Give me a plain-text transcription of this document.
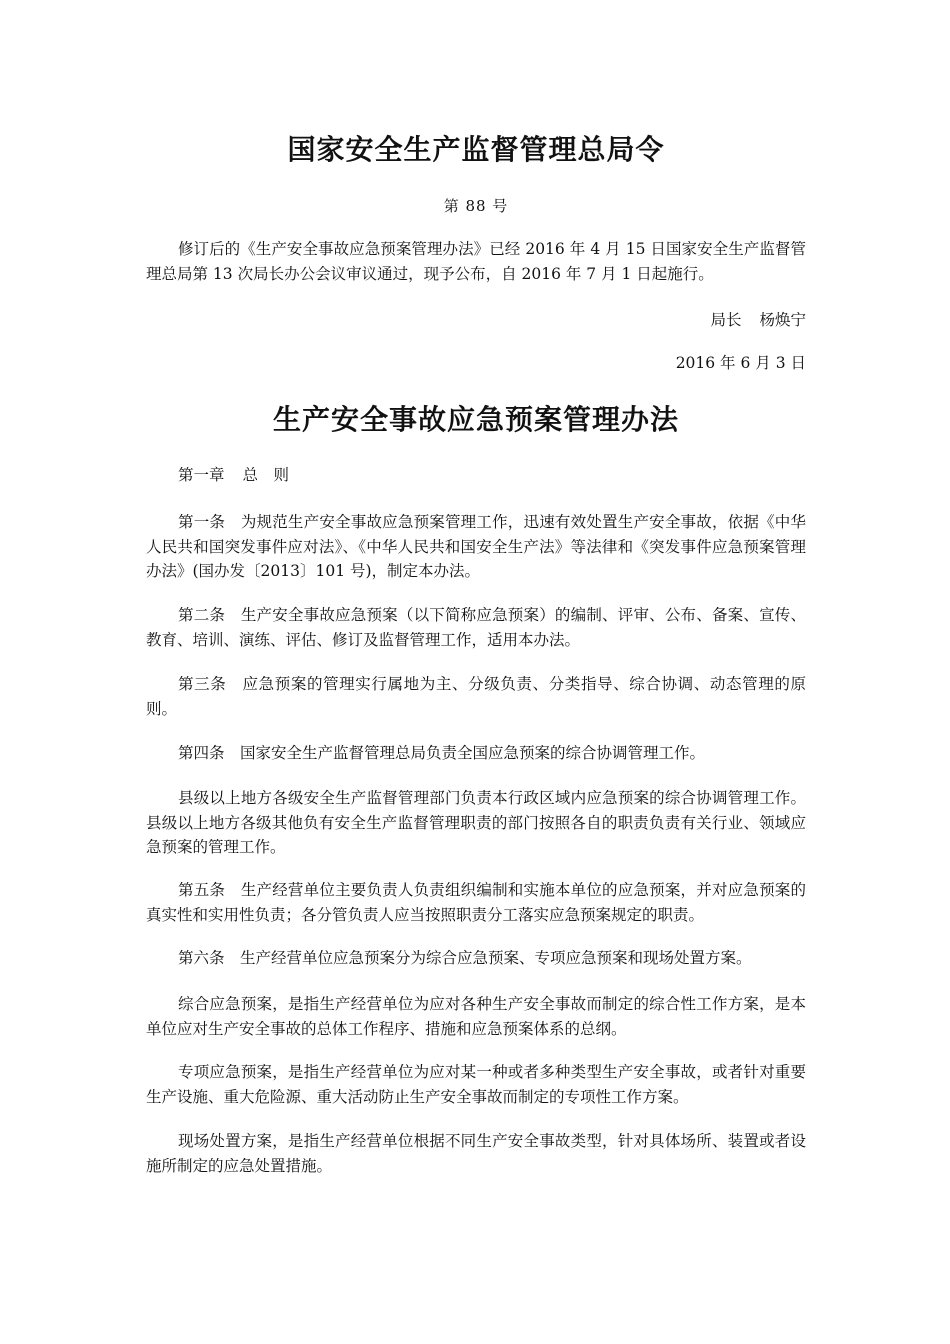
国家安全生产监督管理总局令
第 88 号

修订后的《生产安全事故应急预案管理办法》已经 2016 年 4 月 15 日国家安全生产监督管理总局第 13 次局长办公会议审议通过，现予公布，自 2016 年 7 月 1 日起施行。

局长 杨焕宁
2016 年 6 月 3 日
生产安全事故应急预案管理办法

第一章 总　则

第一条　为规范生产安全事故应急预案管理工作，迅速有效处置生产安全事故，依据《中华人民共和国突发事件应对法》、《中华人民共和国安全生产法》等法律和《突发事件应急预案管理办法》(国办发〔2013〕101 号)，制定本办法。

第二条　生产安全事故应急预案（以下简称应急预案）的编制、评审、公布、备案、宣传、教育、培训、演练、评估、修订及监督管理工作，适用本办法。

第三条　应急预案的管理实行属地为主、分级负责、分类指导、综合协调、动态管理的原则。

第四条　国家安全生产监督管理总局负责全国应急预案的综合协调管理工作。

县级以上地方各级安全生产监督管理部门负责本行政区域内应急预案的综合协调管理工作。县级以上地方各级其他负有安全生产监督管理职责的部门按照各自的职责负责有关行业、领域应急预案的管理工作。

第五条　生产经营单位主要负责人负责组织编制和实施本单位的应急预案，并对应急预案的真实性和实用性负责；各分管负责人应当按照职责分工落实应急预案规定的职责。

第六条　生产经营单位应急预案分为综合应急预案、专项应急预案和现场处置方案。

综合应急预案，是指生产经营单位为应对各种生产安全事故而制定的综合性工作方案，是本单位应对生产安全事故的总体工作程序、措施和应急预案体系的总纲。

专项应急预案，是指生产经营单位为应对某一种或者多种类型生产安全事故，或者针对重要生产设施、重大危险源、重大活动防止生产安全事故而制定的专项性工作方案。

现场处置方案，是指生产经营单位根据不同生产安全事故类型，针对具体场所、装置或者设施所制定的应急处置措施。
